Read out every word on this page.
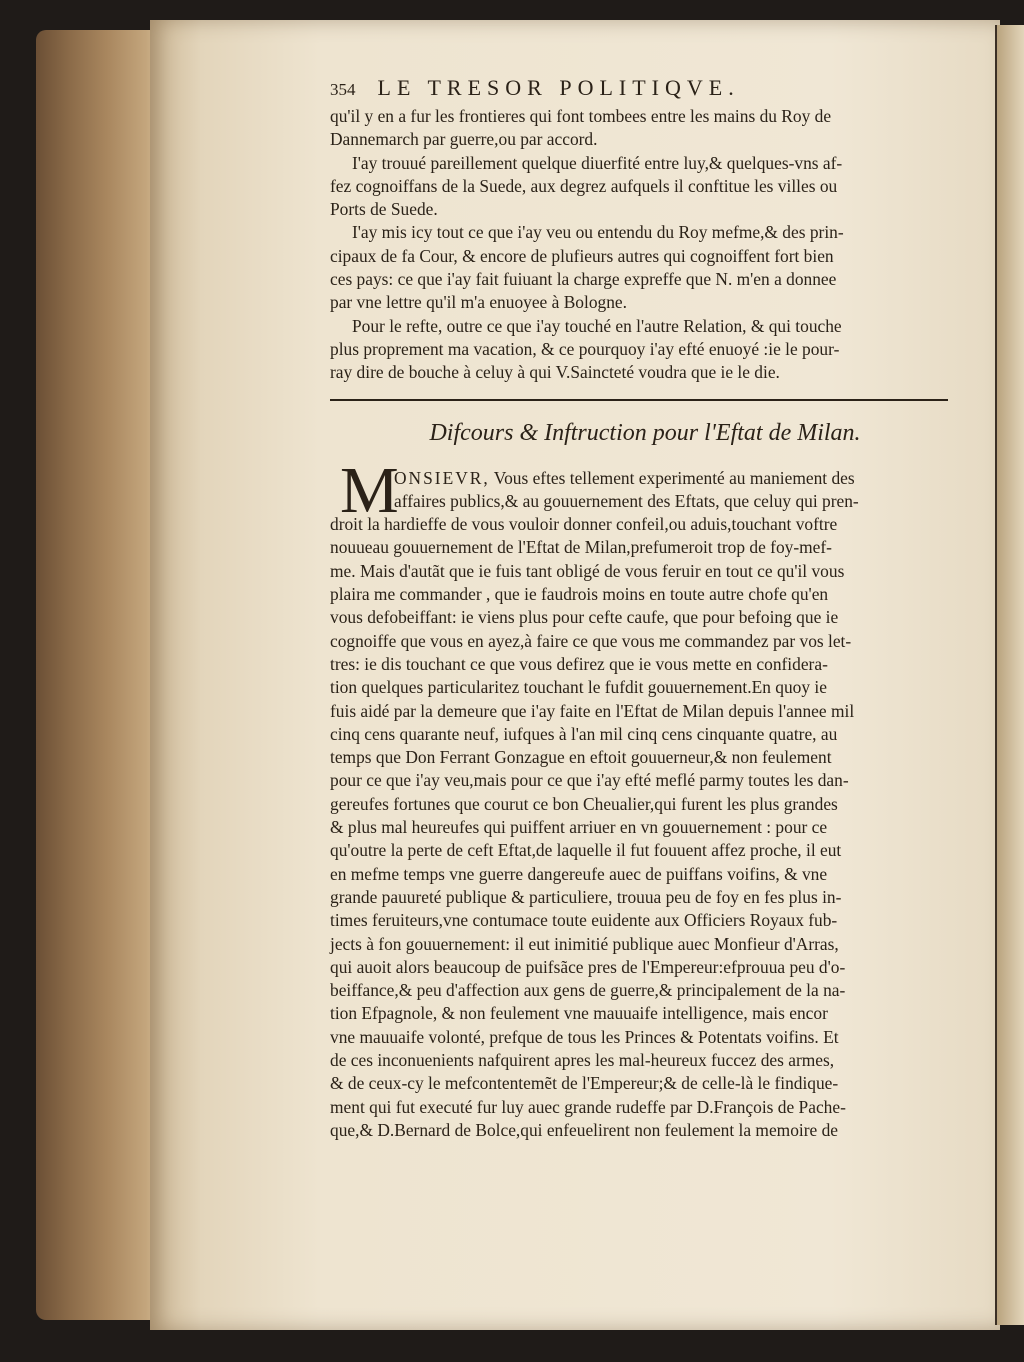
354 LE TRESOR POLITIQVE.

qu'il y en a fur les frontieres qui font tombees entre les mains du Roy de
Dannemarch par guerre,ou par accord.

I'ay trouué pareillement quelque diuerfité entre luy,& quelques-vns af-
fez cognoiffans de la Suede, aux degrez aufquels il conftitue les villes ou
Ports de Suede.

I'ay mis icy tout ce que i'ay veu ou entendu du Roy mefme,& des prin-
cipaux de fa Cour, & encore de plufieurs autres qui cognoiffent fort bien
ces pays: ce que i'ay fait fuiuant la charge expreffe que N. m'en a donnee
par vne lettre qu'il m'a enuoyee à Bologne.

Pour le refte, outre ce que i'ay touché en l'autre Relation, & qui touche
plus proprement ma vacation, & ce pourquoy i'ay efté enuoyé :ie le pour-
ray dire de bouche à celuy à qui V.Saincteté voudra que ie le die.

Difcours & Inftruction pour l'Eftat de Milan.
M
ONSIEVR, Vous eftes tellement experimenté au maniement des
affaires publics,& au gouuernement des Eftats, que celuy qui pren-
droit la hardieffe de vous vouloir donner confeil,ou aduis,touchant voftre
nouueau gouuernement de l'Eftat de Milan,prefumeroit trop de foy-mef-
me. Mais d'autãt que ie fuis tant obligé de vous feruir en tout ce qu'il vous
plaira me commander , que ie faudrois moins en toute autre chofe qu'en
vous defobeiffant: ie viens plus pour cefte caufe, que pour befoing que ie
cognoiffe que vous en ayez,à faire ce que vous me commandez par vos let-
tres: ie dis touchant ce que vous defirez que ie vous mette en confidera-
tion quelques particularitez touchant le fufdit gouuernement.En quoy ie
fuis aidé par la demeure que i'ay faite en l'Eftat de Milan depuis l'annee mil
cinq cens quarante neuf, iufques à l'an mil cinq cens cinquante quatre, au
temps que Don Ferrant Gonzague en eftoit gouuerneur,& non feulement
pour ce que i'ay veu,mais pour ce que i'ay efté meflé parmy toutes les dan-
gereufes fortunes que courut ce bon Cheualier,qui furent les plus grandes
& plus mal heureufes qui puiffent arriuer en vn gouuernement : pour ce
qu'outre la perte de ceft Eftat,de laquelle il fut fouuent affez proche, il eut
en mefme temps vne guerre dangereufe auec de puiffans voifins, & vne
grande pauureté publique & particuliere, trouua peu de foy en fes plus in-
times feruiteurs,vne contumace toute euidente aux Officiers Royaux fub-
jects à fon gouuernement: il eut inimitié publique auec Monfieur d'Arras,
qui auoit alors beaucoup de puifsãce pres de l'Empereur:efprouua peu d'o-
beiffance,& peu d'affection aux gens de guerre,& principalement de la na-
tion Efpagnole, & non feulement vne mauuaife intelligence, mais encor
vne mauuaife volonté, prefque de tous les Princes & Potentats voifins. Et
de ces inconuenients nafquirent apres les mal-heureux fuccez des armes,
& de ceux-cy le mefcontentemẽt de l'Empereur;& de celle-là le findique-
ment qui fut executé fur luy auec grande rudeffe par D.François de Pache-
que,& D.Bernard de Bolce,qui enfeuelirent non feulement la memoire de
